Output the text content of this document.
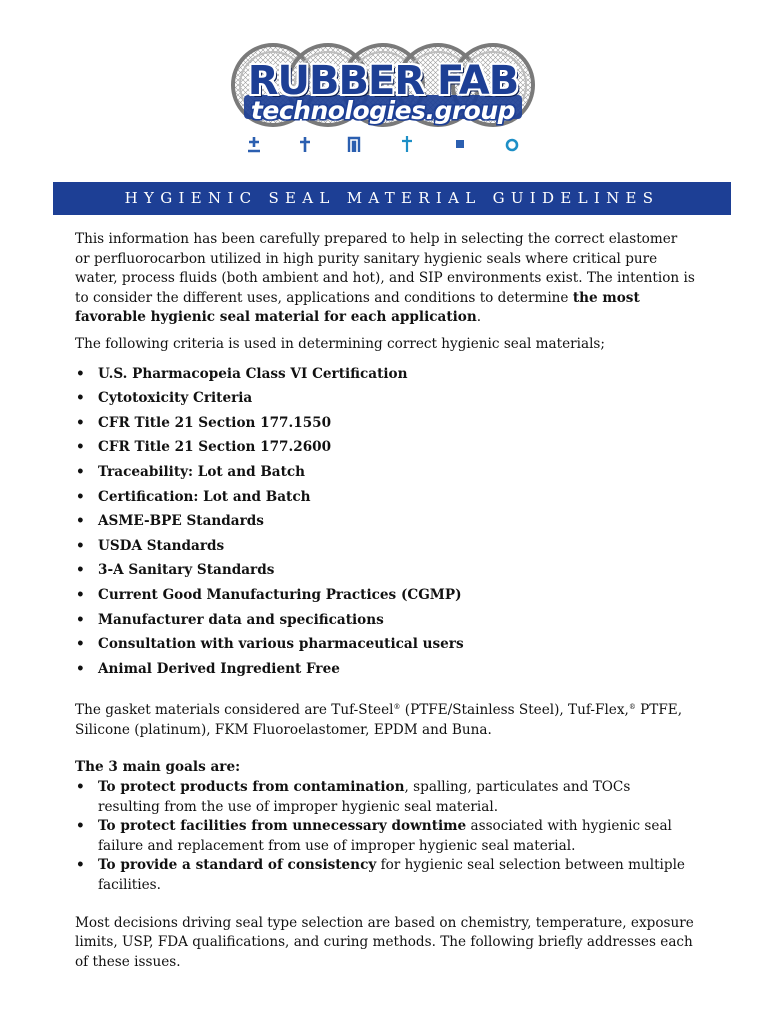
RUBBER FAB
technologies.group
HYGIENIC SEAL MATERIAL GUIDELINES

This information has been carefully prepared to help in selecting the correct elastomer or perfluorocarbon utilized in high purity sanitary hygienic seals where critical pure water, process fluids (both ambient and hot), and SIP environments exist. The intention is to consider the different uses, applications and conditions to determine the most favorable hygienic seal material for each application.

The following criteria is used in determining correct hygienic seal materials;

• U.S. Pharmacopeia Class VI Certification
• Cytotoxicity Criteria
• CFR Title 21 Section 177.1550
• CFR Title 21 Section 177.2600
• Traceability: Lot and Batch
• Certification: Lot and Batch
• ASME-BPE Standards
• USDA Standards
• 3-A Sanitary Standards
• Current Good Manufacturing Practices (CGMP)
• Manufacturer data and specifications
• Consultation with various pharmaceutical users
• Animal Derived Ingredient Free

The gasket materials considered are Tuf-Steel® (PTFE/Stainless Steel), Tuf-Flex,® PTFE, Silicone (platinum), FKM Fluoroelastomer, EPDM and Buna.

The 3 main goals are:

• To protect products from contamination, spalling, particulates and TOCs resulting from the use of improper hygienic seal material.
• To protect facilities from unnecessary downtime associated with hygienic seal failure and replacement from use of improper hygienic seal material.
• To provide a standard of consistency for hygienic seal selection between multiple facilities.

Most decisions driving seal type selection are based on chemistry, temperature, exposure limits, USP, FDA qualifications, and curing methods. The following briefly addresses each of these issues.
